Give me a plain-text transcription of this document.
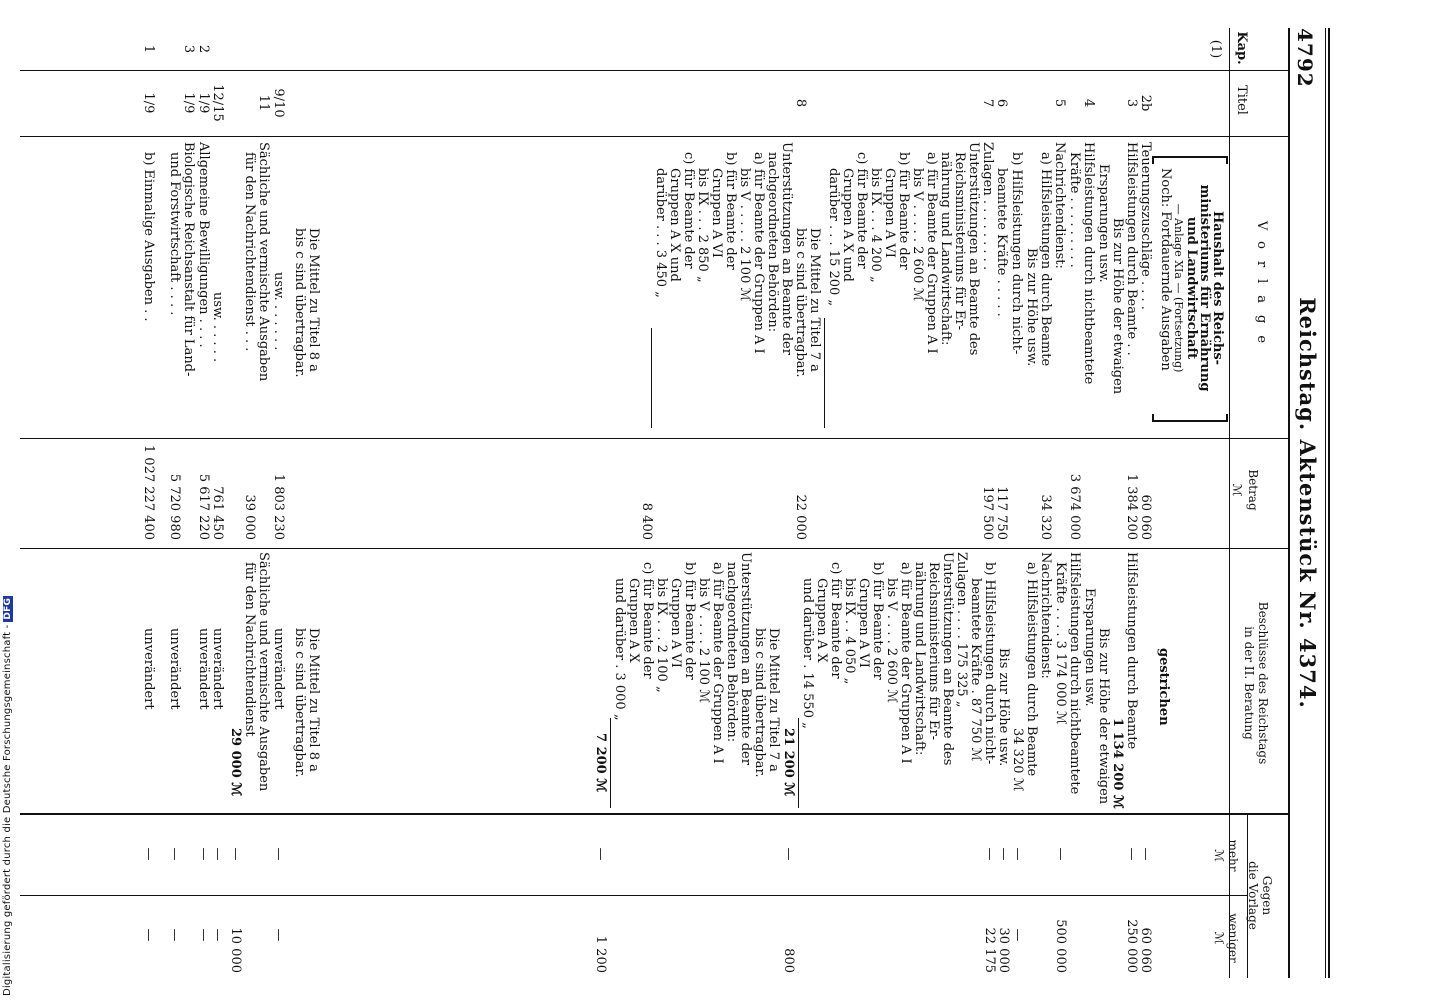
Digitalisierung gefördert durch die Deutsche Forschungsgemeinschaft -DFG
4792
Reichstag. Aktenstück Nr. 4374.
Kap.
Titel
Vorlage
Betrag
ℳ
Beschlüsse des Reichstags
in der II. Beratung
Gegen
die Vorlage
mehr
ℳ
weniger
ℳ
(1)
2
3
1
2b
3
4
5
6
7
8
9/10
11
12/15
1/9
1/9
1/9
Haushalt des Reichs-
ministeriums für Ernährung
und Landwirtschaft
— Anlage XIa — (Fortsetzung)
Noch: Fortdauernde Ausgaben
Teuerungszuschläge . . . .
Hilfsleistungen durch Beamte . .
Bis zur Höhe der etwaigen
Ersparungen usw.
Hilfsleistungen durch nichtbeamtete
Kräfte . . . . . . . . .
Nachrichtendienst:
a) Hilfsleistungen durch Beamte
Bis zur Höhe usw.
b) Hilfsleistungen durch nicht-
beamtete Kräfte . . . . .
Zulagen . . . . . . . . .
Unterstützungen an Beamte des
Reichsministeriums für Er-
nährung und Landwirtschaft:
a) für Beamte der Gruppen A I
bis V . . . . . 2 600 ℳ
b) für Beamte der
Gruppen A VI
bis IX . . . 4 200 „
c) für Beamte der
Gruppen A X und
darüber . . . 15 200 „
Die Mittel zu Titel 7 a
bis c sind übertragbar.
Unterstützungen an Beamte der
nachgeordneten Behörden:
a) für Beamte der Gruppen A I
bis V . . . . . 2 100 ℳ
b) für Beamte der
Gruppen A VI
bis IX . . . 2 850 „
c) für Beamte der
Gruppen A X und
darüber . . . 3 450 „
Die Mittel zu Titel 8 a
bis c sind übertragbar.
usw. . . . . . .
Sächliche und vermischte Ausgaben
für den Nachrichtendienst . . .
usw. . . . . .
Allgemeine Bewilligungen . . . .
Biologische Reichsanstalt für Land-
und Forstwirtschaft . . . .
b) Einmalige Ausgaben . .
60 060
1 384 200
3 674 000
34 320
117 750
197 500
22 000
8 400
1 803 230
39 000
761 450
5 617 220
5 720 980
1 027 227 400
gestrichen
Hilfsleistungen durch Beamte
1 134 200 ℳ
Bis zur Höhe der etwaigen
Ersparungen usw.
Hilfsleistungen durch nichtbeamtete
Kräfte . . . . 3 174 000 ℳ
Nachrichtendienst:
a) Hilfsleistungen durch Beamte
34 320 ℳ
Bis zur Höhe usw.
b) Hilfsleistungen durch nicht-
beamtete Kräfte . 87 750 ℳ
Zulagen . . . . 175 325 „
Unterstützungen an Beamte des
Reichsministeriums für Er-
nährung und Landwirtschaft:
a) für Beamte der Gruppen A I
bis V . . . . 2 600 ℳ
b) für Beamte der
Gruppen A VI
bis IX . . 4 050 „
c) für Beamte der
Gruppen A X
und darüber . 14 550 „
21 200 ℳ
Die Mittel zu Titel 7 a
bis c sind übertragbar.
Unterstützungen an Beamte der
nachgeordneten Behörden:
a) für Beamte der Gruppen A I
bis V . . . . 2 100 ℳ
b) für Beamte der
Gruppen A VI
bis IX . . . 2 100 „
c) für Beamte der
Gruppen A X
und darüber . 3 000 „
7 200 ℳ
Die Mittel zu Titel 8 a
bis c sind übertragbar.
unverändert
Sächliche und vermischte Ausgaben
für den Nachrichtendienst
29 000 ℳ
unverändert
unverändert
unverändert
unverändert
—
—
—
—
—
—
—
—
—
—
—
—
—
—
60 060
250 000
500 000
—
30 000
22 175
800
1 200
—
10 000
—
—
—
—
